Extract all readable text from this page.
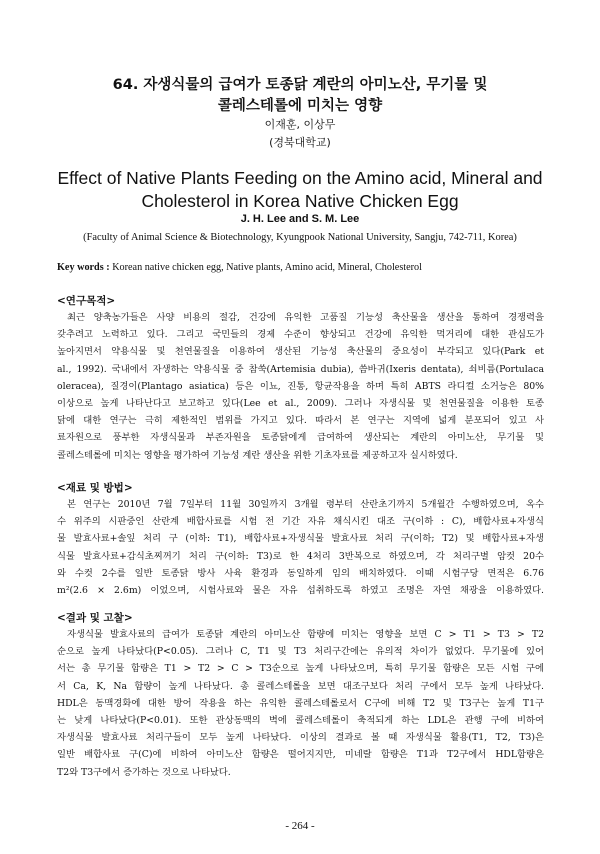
64. 자생식물의 급여가 토종닭 계란의 아미노산, 무기물 및
콜레스테롤에 미치는 영향
이재훈, 이상무
(경북대학교)
Effect of Native Plants Feeding on the Amino acid, Mineral and
Cholesterol in Korea Native Chicken Egg
J. H. Lee and S. M. Lee
(Faculty of Animal Science & Biotechnology, Kyungpook National University, Sangju, 742-711, Korea)
Key words : Korean native chicken egg, Native plants, Amino acid, Mineral, Cholesterol
<연구목적>
최근 양축농가들은 사양 비용의 절감, 건강에 유익한 고품질 기능성 축산물을 생산을 통하여 경쟁력을
갖추려고 노력하고 있다. 그리고 국민들의 경제 수준이 향상되고 건강에 유익한 먹거리에 대한 관심도가
높아지면서 약용식물 및 천연물질을 이용하여 생산된 기능성 축산물의 중요성이 부각되고 있다(Park et
al., 1992). 국내에서 자생하는 약용식물 중 참쑥(Artemisia dubia), 씀바귀(Ixeris dentata), 쇠비름(Portulaca
oleracea), 질경이(Plantago asiatica) 등은 이뇨, 진통, 항균작용을 하며 특히 ABTS 라디컬 소거능은 80%
이상으로 높게 나타난다고 보고하고 있다(Lee et al., 2009). 그러나 자생식물 및 천연물질을 이용한 토종
닭에 대한 연구는 극히 제한적인 범위를 가지고 있다. 따라서 본 연구는 지역에 넓게 분포되어 있고 사
료자원으로 풍부한 자생식물과 부존자원을 토종닭에게 급여하여 생산되는 계란의 아미노산, 무기물 및
콜레스테롤에 미치는 영향을 평가하여 기능성 계란 생산을 위한 기초자료를 제공하고자 실시하였다.
<재료 및 방법>
본 연구는 2010년 7월 7일부터 11월 30일까지 3개월 령부터 산란초기까지 5개월간 수행하였으며, 옥수
수 위주의 시판중인 산란계 배합사료를 시험 전 기간 자유 채식시킨 대조 구(이하 : C), 배합사료+자생식
물 발효사료+솔잎 처리 구 (이하: T1), 배합사료+자생식물 발효사료 처리 구(이하; T2) 및 배합사료+자생
식물 발효사료+감식초찌꺼기 처리 구(이하: T3)로 한 4처리 3반복으로 하였으며, 각 처리구별 암컷 20수
와 수컷 2수를 일반 토종닭 방사 사육 환경과 동일하게 임의 배치하였다. 이때 시험구당 면적은 6.76
m²(2.6 × 2.6m) 이었으며, 시험사료와 물은 자유 섭취하도록 하였고 조명은 자연 채광을 이용하였다.
<결과 및 고찰>
자생식물 발효사료의 급여가 토종닭 계란의 아미노산 함량에 미치는 영향을 보면 C > T1 > T3 > T2
순으로 높게 나타났다(P<0.05). 그러나 C, T1 및 T3 처리구간에는 유의적 차이가 없었다. 무기물에 있어
서는 총 무기물 함량은 T1 > T2 > C > T3순으로 높게 나타났으며, 특히 무기물 함량은 모든 시험 구에
서 Ca, K, Na 함량이 높게 나타났다. 총 콜레스테롤을 보면 대조구보다 처리 구에서 모두 높게 나타났다.
HDL은 동맥경화에 대한 방어 작용을 하는 유익한 콜레스테롤로서 C구에 비해 T2 및 T3구는 높게 T1구
는 낮게 나타났다(P<0.01). 또한 관상동맥의 벽에 콜레스테롤이 축적되게 하는 LDL은 관행 구에 비하여
자생식물 발효사료 처리구들이 모두 높게 나타났다. 이상의 결과로 볼 때 자생식물 활용(T1, T2, T3)은
일반 배합사료 구(C)에 비하여 아미노산 함량은 떨어지지만, 미네랄 함량은 T1과 T2구에서 HDL함량은
T2와 T3구에서 증가하는 것으로 나타났다.
- 264 -
